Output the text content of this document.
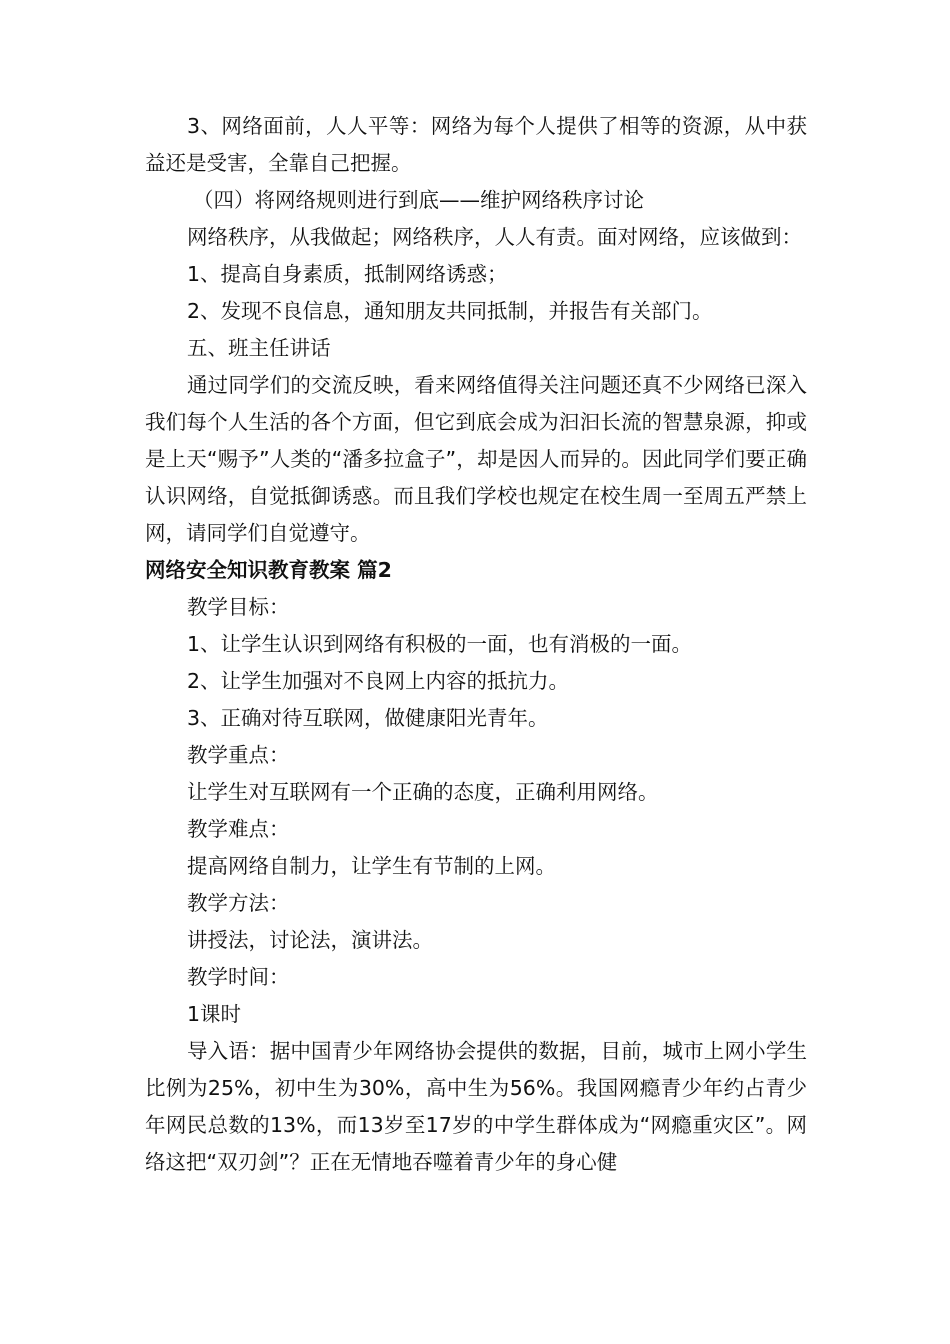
3、网络面前，人人平等：网络为每个人提供了相等的资源，从中获益还是受害，全靠自己把握。

（四）将网络规则进行到底——维护网络秩序讨论

网络秩序，从我做起；网络秩序，人人有责。面对网络，应该做到：

1、提高自身素质，抵制网络诱惑；

2、发现不良信息，通知朋友共同抵制，并报告有关部门。

五、班主任讲话

通过同学们的交流反映，看来网络值得关注问题还真不少网络已深入我们每个人生活的各个方面，但它到底会成为汩汩长流的智慧泉源，抑或是上天“赐予”人类的“潘多拉盒子”，却是因人而异的。因此同学们要正确认识网络，自觉抵御诱惑。而且我们学校也规定在校生周一至周五严禁上网，请同学们自觉遵守。

网络安全知识教育教案 篇2

教学目标：

1、让学生认识到网络有积极的一面，也有消极的一面。

2、让学生加强对不良网上内容的抵抗力。

3、正确对待互联网，做健康阳光青年。

教学重点：

让学生对互联网有一个正确的态度，正确利用网络。

教学难点：

提高网络自制力，让学生有节制的上网。

教学方法：

讲授法，讨论法，演讲法。

教学时间：

1课时

导入语：据中国青少年网络协会提供的数据，目前，城市上网小学生比例为25%，初中生为30%，高中生为56%。我国网瘾青少年约占青少年网民总数的13%，而13岁至17岁的中学生群体成为“网瘾重灾区”。网络这把“双刃剑”？正在无情地吞噬着青少年的身心健
